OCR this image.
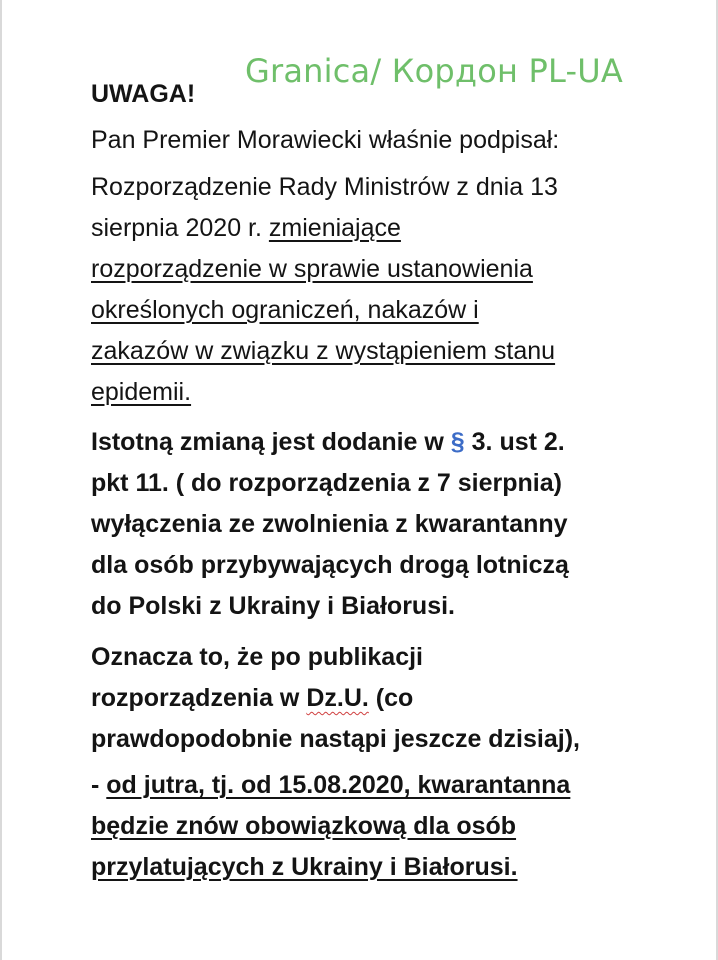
Granica/ Кордон PL-UA
UWAGA!
Pan Premier Morawiecki właśnie podpisał:
Rozporządzenie Rady Ministrów z dnia 13
sierpnia 2020 r. zmieniające
rozporządzenie w sprawie ustanowienia
określonych ograniczeń, nakazów i
zakazów w związku z wystąpieniem stanu
epidemii.
Istotną zmianą jest dodanie w § 3. ust 2.
pkt 11. ( do rozporządzenia z 7 sierpnia)
wyłączenia ze zwolnienia z kwarantanny
dla osób przybywających drogą lotniczą
do Polski z Ukrainy i Białorusi.
Oznacza to, że po publikacji
rozporządzenia w Dz.U. (co
prawdopodobnie nastąpi jeszcze dzisiaj),
- od jutra, tj. od 15.08.2020, kwarantanna
będzie znów obowiązkową dla osób
przylatujących z Ukrainy i Białorusi.
